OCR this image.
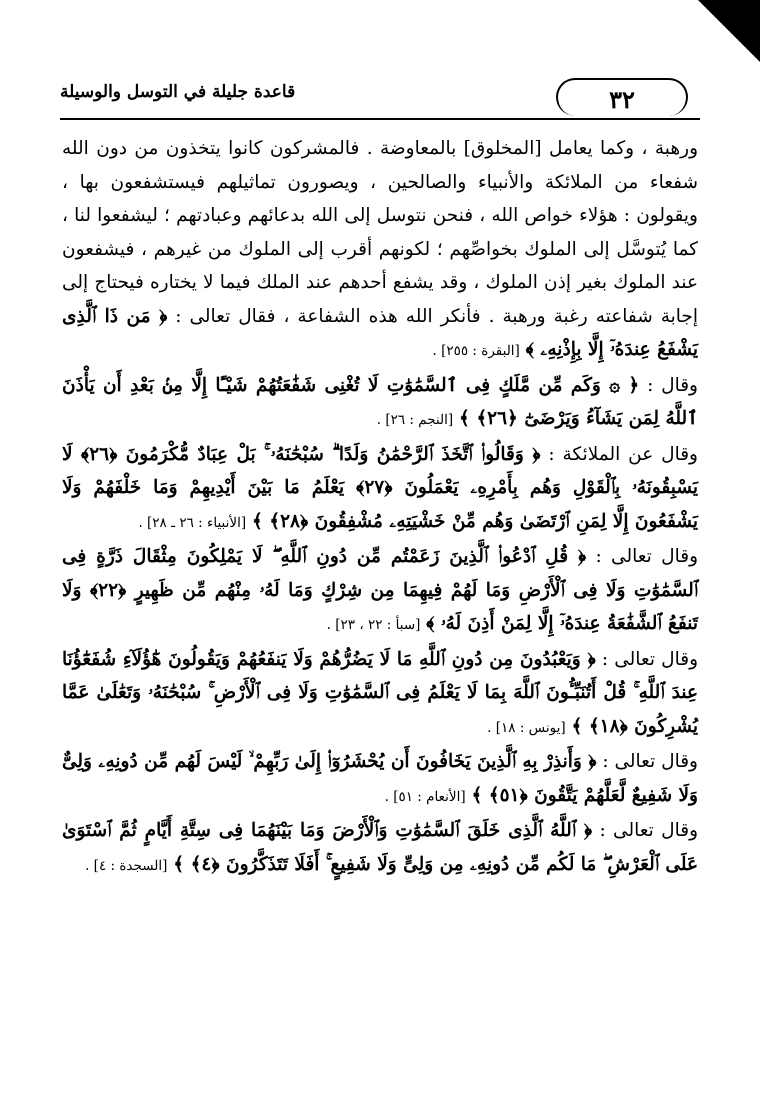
قاعدة جليلة في التوسل والوسيلة	٣٢

ورهبة ، وكما يعامل [المخلوق] بالمعاوضة . فالمشركون كانوا يتخذون من دون الله شفعاء من الملائكة والأنبياء والصالحين ، ويصورون تماثيلهم فيستشفعون بها ، ويقولون : هؤلاء خواص الله ، فنحن نتوسل إلى الله بدعائهم وعبادتهم ؛ ليشفعوا لنا ، كما يُتوسَّل إلى الملوك بخواصِّهم ؛ لكونهم أقرب إلى الملوك من غيرهم ، فيشفعون عند الملوك بغير إذن الملوك ، وقد يشفع أحدهم عند الملك فيما لا يختاره فيحتاج إلى إجابة شفاعته رغبة ورهبة . فأنكر الله هذه الشفاعة ، فقال تعالى : ﴿ مَن ذَا ٱلَّذِى يَشْفَعُ عِندَهُۥٓ إِلَّا بِإِذْنِهِۦ ﴾ [البقرة : ٢٥٥] .

وقال : ﴿ ۞ وَكَم مِّن مَّلَكٍ فِى ٱلسَّمَٰوَٰتِ لَا تُغْنِى شَفَٰعَتُهُمْ شَيْـًٔا إِلَّا مِنۢ بَعْدِ أَن يَأْذَنَ ٱللَّهُ لِمَن يَشَآءُ وَيَرْضَىٰٓ ﴿٢٦﴾ ﴾ [النجم : ٢٦] .

وقال عن الملائكة : ﴿ وَقَالُوا۟ ٱتَّخَذَ ٱلرَّحْمَٰنُ وَلَدًا ۗ سُبْحَٰنَهُۥ ۚ بَلْ عِبَادٌ مُّكْرَمُونَ ﴿٢٦﴾ لَا يَسْبِقُونَهُۥ بِٱلْقَوْلِ وَهُم بِأَمْرِهِۦ يَعْمَلُونَ ﴿٢٧﴾ يَعْلَمُ مَا بَيْنَ أَيْدِيهِمْ وَمَا خَلْفَهُمْ وَلَا يَشْفَعُونَ إِلَّا لِمَنِ ٱرْتَضَىٰ وَهُم مِّنْ خَشْيَتِهِۦ مُشْفِقُونَ ﴿٢٨﴾ ﴾ [الأنبياء : ٢٦ ـ ٢٨] .

وقال تعالى : ﴿ قُلِ ٱدْعُوا۟ ٱلَّذِينَ زَعَمْتُم مِّن دُونِ ٱللَّهِ ۖ لَا يَمْلِكُونَ مِثْقَالَ ذَرَّةٍ فِى ٱلسَّمَٰوَٰتِ وَلَا فِى ٱلْأَرْضِ وَمَا لَهُمْ فِيهِمَا مِن شِرْكٍ وَمَا لَهُۥ مِنْهُم مِّن ظَهِيرٍ ﴿٢٢﴾ وَلَا تَنفَعُ ٱلشَّفَٰعَةُ عِندَهُۥٓ إِلَّا لِمَنْ أَذِنَ لَهُۥ ﴾ [سبأ : ٢٢ ، ٢٣] .

وقال تعالى : ﴿ وَيَعْبُدُونَ مِن دُونِ ٱللَّهِ مَا لَا يَضُرُّهُمْ وَلَا يَنفَعُهُمْ وَيَقُولُونَ هَٰٓؤُلَآءِ شُفَعَٰٓؤُنَا عِندَ ٱللَّهِ ۚ قُلْ أَتُنَبِّـُٔونَ ٱللَّهَ بِمَا لَا يَعْلَمُ فِى ٱلسَّمَٰوَٰتِ وَلَا فِى ٱلْأَرْضِ ۚ سُبْحَٰنَهُۥ وَتَعَٰلَىٰ عَمَّا يُشْرِكُونَ ﴿١٨﴾ ﴾ [يونس : ١٨] .

وقال تعالى : ﴿ وَأَنذِرْ بِهِ ٱلَّذِينَ يَخَافُونَ أَن يُحْشَرُوٓا۟ إِلَىٰ رَبِّهِمْ ۙ لَيْسَ لَهُم مِّن دُونِهِۦ وَلِىٌّ وَلَا شَفِيعٌ لَّعَلَّهُمْ يَتَّقُونَ ﴿٥١﴾ ﴾ [الأنعام : ٥١] .

وقال تعالى : ﴿ ٱللَّهُ ٱلَّذِى خَلَقَ ٱلسَّمَٰوَٰتِ وَٱلْأَرْضَ وَمَا بَيْنَهُمَا فِى سِتَّةِ أَيَّامٍ ثُمَّ ٱسْتَوَىٰ عَلَى ٱلْعَرْشِ ۖ مَا لَكُم مِّن دُونِهِۦ مِن وَلِىٍّ وَلَا شَفِيعٍ ۚ أَفَلَا تَتَذَكَّرُونَ ﴿٤﴾ ﴾ [السجدة : ٤] .
